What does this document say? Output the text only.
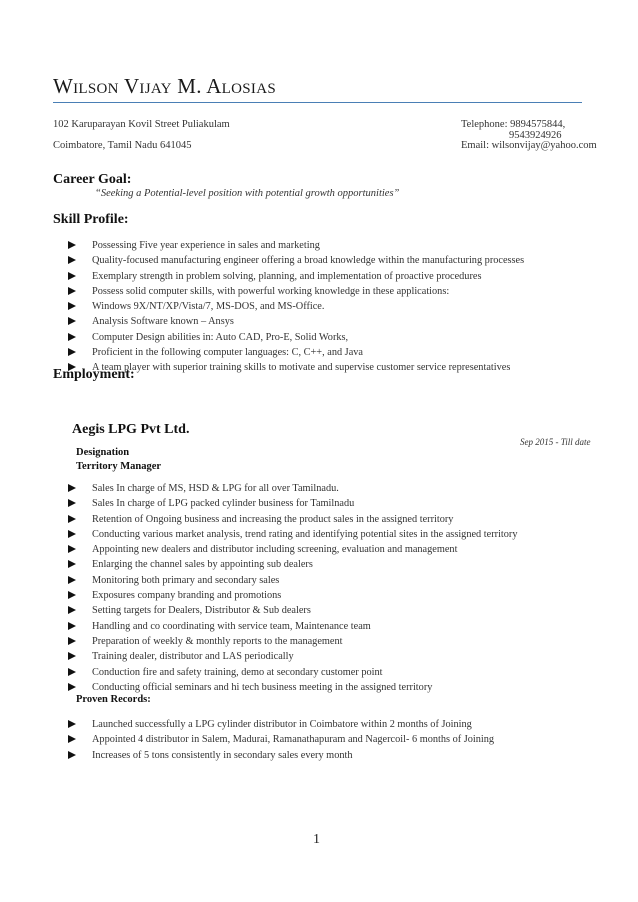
Wilson Vijay M. Alosias
102 Karuparayan Kovil Street Puliakulam
Coimbatore, Tamil Nadu 641045
Telephone: 9894575844,
9543924926
Email: wilsonvijay@yahoo.com
Career Goal:
“Seeking a Potential-level position with potential growth opportunities”
Skill Profile:
Possessing Five year experience in sales and marketing
Quality-focused manufacturing engineer offering a broad knowledge within the manufacturing processes
Exemplary strength in problem solving, planning, and implementation of proactive procedures
Possess solid computer skills, with powerful working knowledge in these applications:
Windows 9X/NT/XP/Vista/7, MS-DOS, and MS-Office.
Analysis Software known – Ansys
Computer Design abilities in: Auto CAD, Pro-E, Solid Works,
Proficient in the following computer languages: C, C++, and Java
A team player with superior training skills to motivate and supervise customer service representatives
Employment:
Aegis LPG Pvt Ltd.
Sep 2015 - Till date
Designation
Territory Manager
Sales In charge of MS, HSD & LPG for all over Tamilnadu.
Sales In charge of LPG packed cylinder business for Tamilnadu
Retention of Ongoing business and increasing the product sales in the assigned territory
Conducting various market analysis, trend rating and identifying potential sites in the assigned territory
Appointing new dealers and distributor including screening, evaluation and management
Enlarging the channel sales by appointing sub dealers
Monitoring both primary and secondary sales
Exposures company branding and promotions
Setting targets for Dealers, Distributor & Sub dealers
Handling and co coordinating with service team, Maintenance team
Preparation of weekly & monthly reports to the management
Training dealer, distributor and LAS periodically
Conduction fire and safety training, demo at secondary customer point
Conducting official seminars and hi tech business meeting in the assigned territory
Proven Records:
Launched successfully a LPG cylinder distributor in Coimbatore within 2 months of Joining
Appointed 4 distributor in Salem, Madurai, Ramanathapuram and Nagercoil- 6 months of Joining
Increases of 5 tons consistently in secondary sales every month
1
